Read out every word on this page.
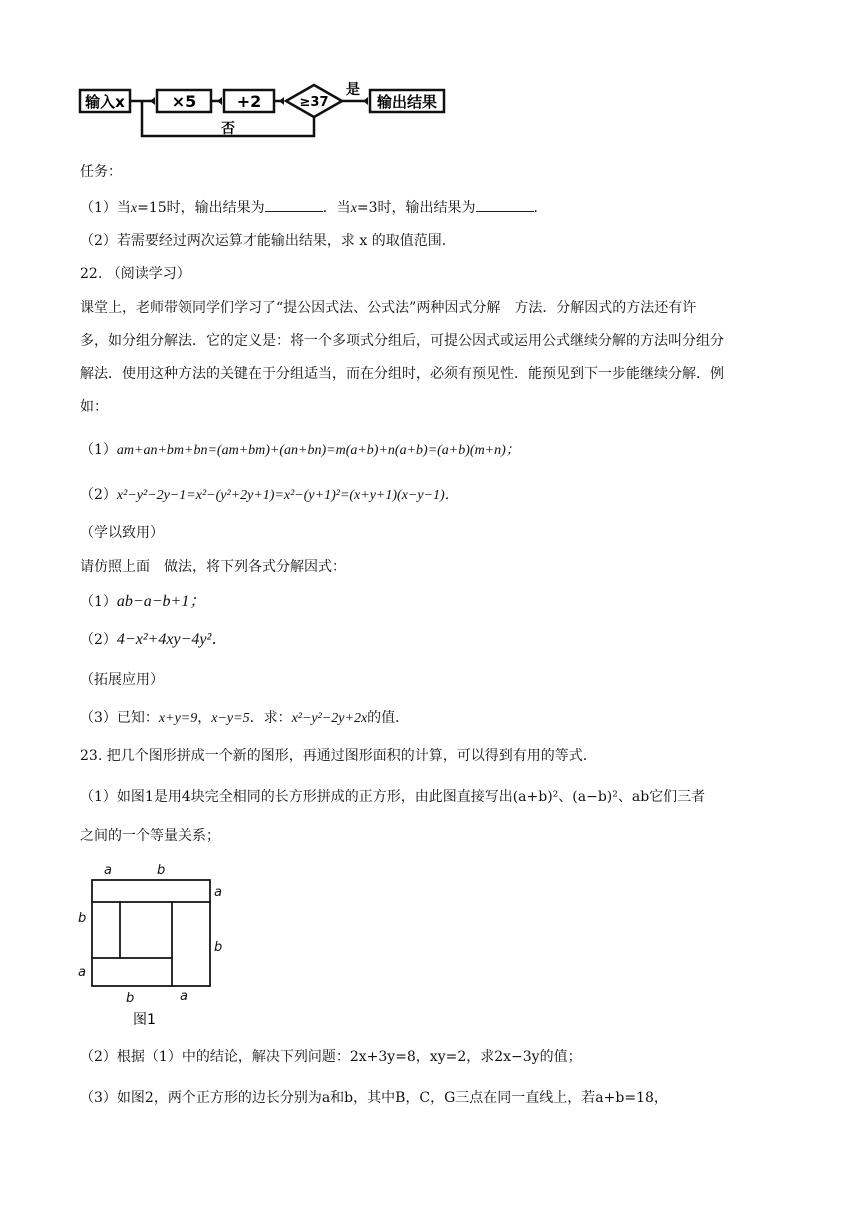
输入x	×5	+2	≥37
是
输出结果
否
任务：
（1）当x=15时，输出结果为	．当x=3时，输出结果为	．
（2）若需要经过两次运算才能输出结果，求 x 的取值范围．
22. （阅读学习）
课堂上，老师带领同学们学习了“提公因式法、公式法”两种因式分解　方法．分解因式的方法还有许
多，如分组分解法．它的定义是：将一个多项式分组后，可提公因式或运用公式继续分解的方法叫分组分
解法．使用这种方法的关键在于分组适当，而在分组时，必须有预见性．能预见到下一步能继续分解．例
如：
（1）am+an+bm+bn=(am+bm)+(an+bn)=m(a+b)+n(a+b)=(a+b)(m+n)；
（2）x²−y²−2y−1=x²−(y²+2y+1)=x²−(y+1)²=(x+y+1)(x−y−1)．
（学以致用）
请仿照上面　做法，将下列各式分解因式：
（1）ab−a−b+1；
（2）4−x²+4xy−4y²．
（拓展应用）
（3）已知：x+y=9，x−y=5．求：x²−y²−2y+2x的值．
23. 把几个图形拼成一个新的图形，再通过图形面积的计算，可以得到有用的等式．
（1）如图1是用4块完全相同的长方形拼成的正方形，由此图直接写出(a+b)²、(a−b)²、ab它们三者
之间的一个等量关系；
a	b
a
b
b
a
b	a
图1
（2）根据（1）中的结论，解决下列问题：2x+3y=8，xy=2，求2x−3y的值；
（3）如图2，两个正方形的边长分别为a和b，其中B，C，G三点在同一直线上，若a+b=18，
